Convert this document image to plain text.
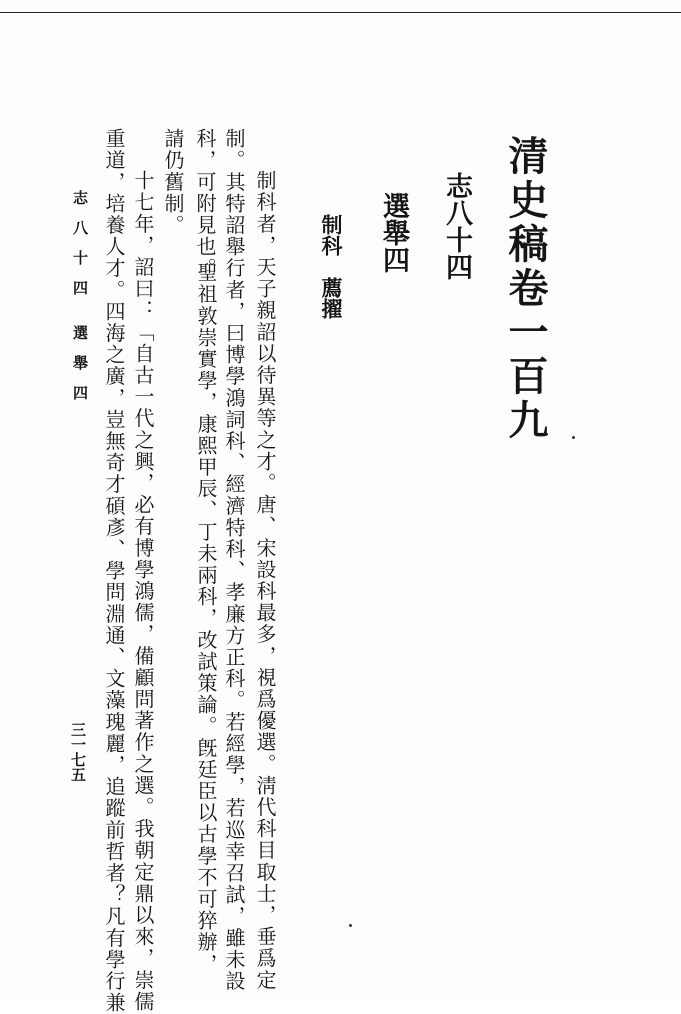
清史稿卷一百九
志八十四
選舉四
制科　薦擢
制科者，天子親詔以待異等之才。唐、宋設科最多，視爲優選。淸代科目取士，垂爲定
制。其特詔舉行者，曰博學鴻詞科、經濟特科、孝廉方正科。若經學，若巡幸召試，雖未設
科，可附見也。
聖祖敦崇實學，康熙甲辰、丁未兩科，改試策論。旣廷臣以古學不可猝辦，
請仍舊制。
十七年，詔曰：「自古一代之興，必有博學鴻儒，備顧問著作之選。我朝定鼎以來，崇儒
重道，培養人才。四海之廣，豈無奇才碩彥、學問淵通、文藻瑰麗，追蹤前哲者？凡有學行兼
志　八　十　四　　選　舉　四
三一七五
